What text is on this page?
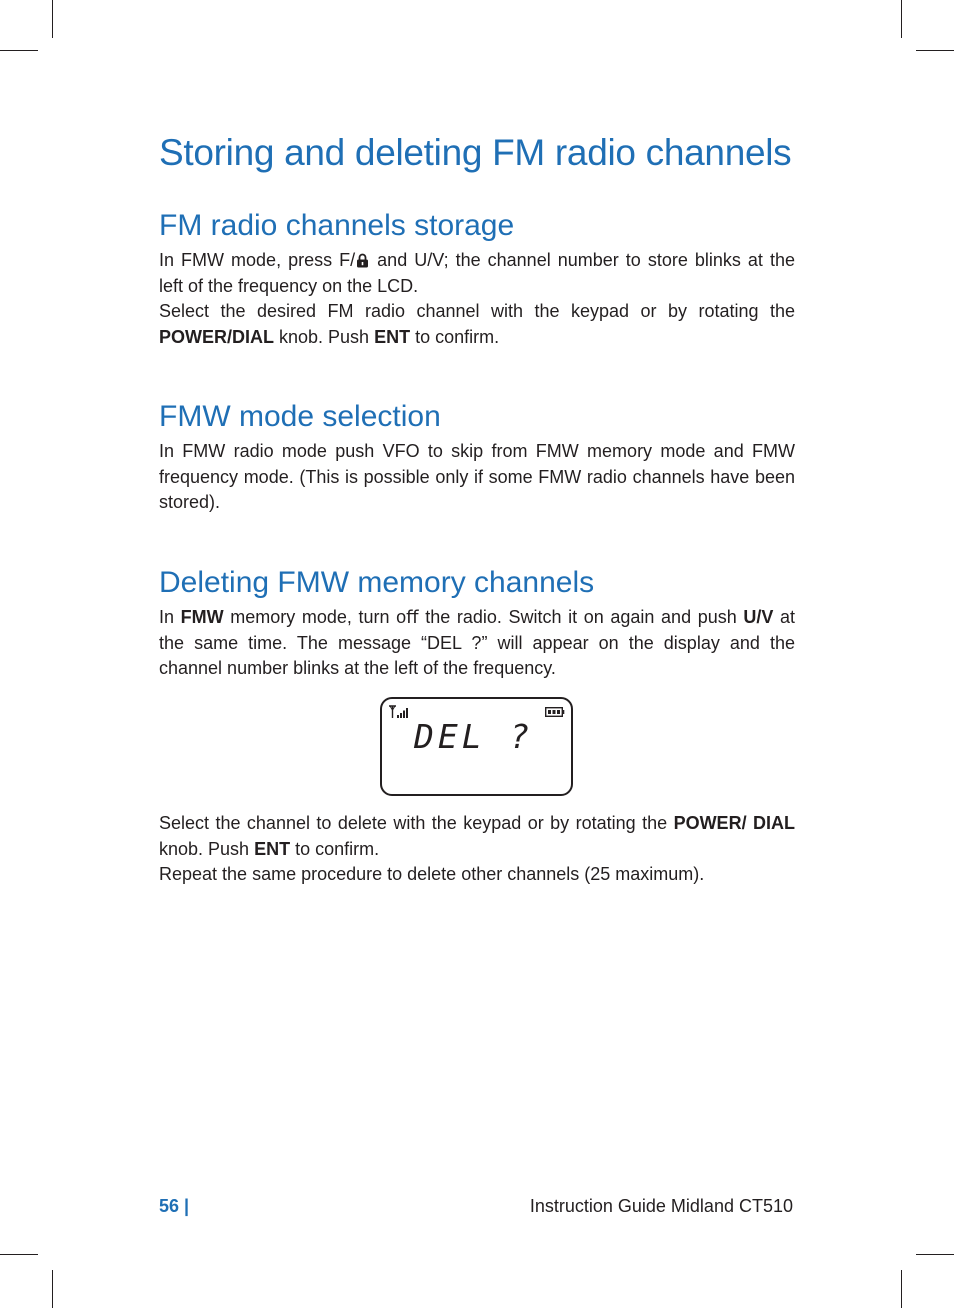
Storing and deleting FM radio channels
FM radio channels storage

In FMW mode, press F/ and U/V; the channel number to store blinks at the left of the frequency on the LCD.

Select the desired FM radio channel with the keypad or by rotating the POWER/DIAL knob. Push ENT to conﬁrm.

FMW mode selection

In FMW radio mode push VFO to skip from FMW memory mode and FMW frequency mode. (This is possible only if some FMW radio channels have been stored).

Deleting FMW memory channels

In FMW memory mode, turn oﬀ the radio. Switch it on again and push U/V at the same time. The message “DEL ?” will appear on the display and the channel number blinks at the left of the frequency.

DEL ?

Select the channel to delete with the keypad or by rotating the POWER/ DIAL knob. Push ENT to conﬁrm.

Repeat the same procedure to delete other channels (25 maximum).

56 |	Instruction Guide Midland CT510
